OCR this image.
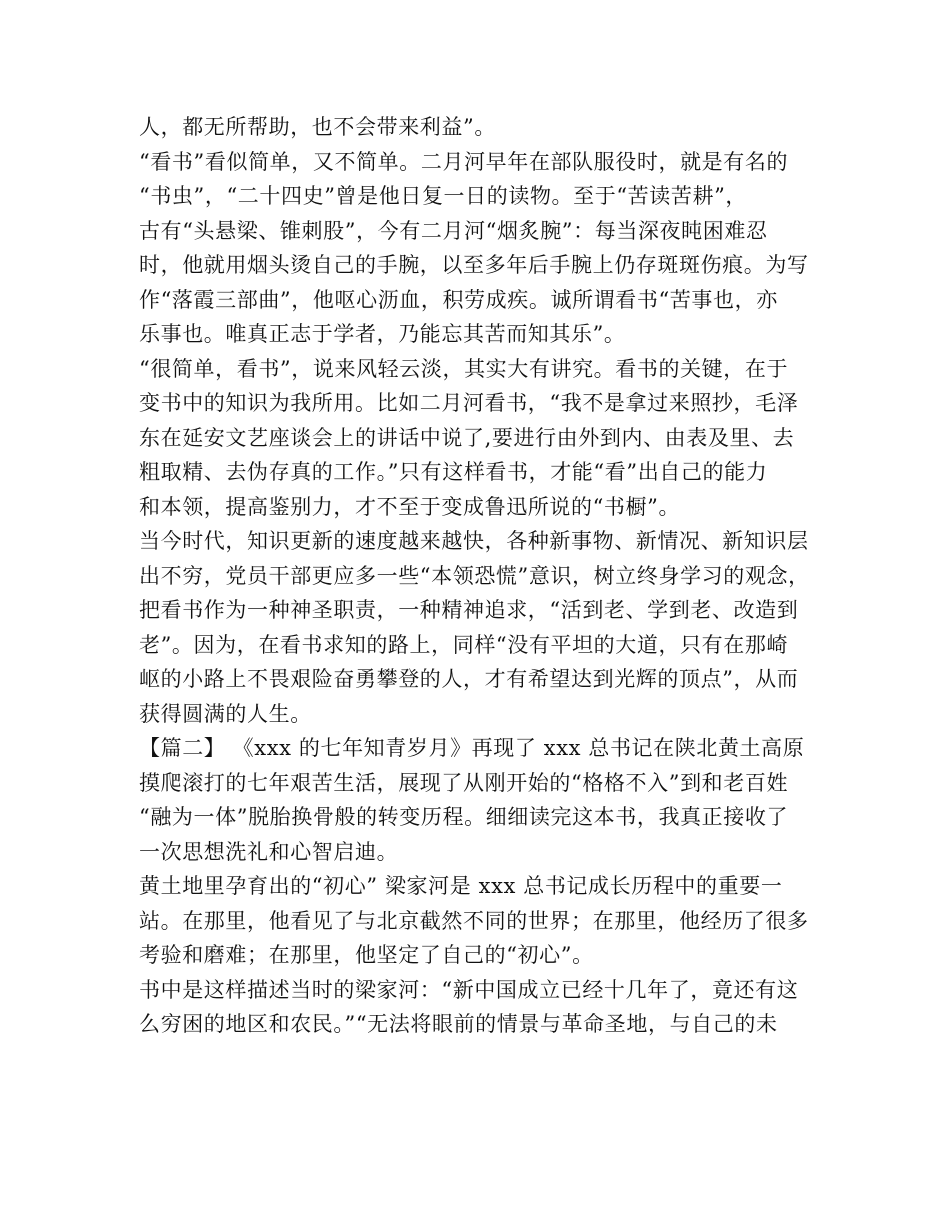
人，都无所帮助，也不会带来利益”。
“看书”看似简单，又不简单。二月河早年在部队服役时，就是有名的
“书虫”，“二十四史”曾是他日复一日的读物。至于“苦读苦耕”，
古有“头悬梁、锥刺股”，今有二月河“烟炙腕”：每当深夜盹困难忍
时，他就用烟头烫自己的手腕，以至多年后手腕上仍存斑斑伤痕。为写
作“落霞三部曲”，他呕心沥血，积劳成疾。诚所谓看书“苦事也，亦
乐事也。唯真正志于学者，乃能忘其苦而知其乐”。
“很简单，看书”，说来风轻云淡，其实大有讲究。看书的关键，在于
变书中的知识为我所用。比如二月河看书，“我不是拿过来照抄，毛泽
东在延安文艺座谈会上的讲话中说了,要进行由外到内、由表及里、去
粗取精、去伪存真的工作。”只有这样看书，才能“看”出自己的能力
和本领，提高鉴别力，才不至于变成鲁迅所说的“书橱”。
当今时代，知识更新的速度越来越快，各种新事物、新情况、新知识层
出不穷，党员干部更应多一些“本领恐慌”意识，树立终身学习的观念，
把看书作为一种神圣职责，一种精神追求，“活到老、学到老、改造到
老”。因为，在看书求知的路上，同样“没有平坦的大道，只有在那崎
岖的小路上不畏艰险奋勇攀登的人，才有希望达到光辉的顶点”，从而
获得圆满的人生。
【篇二】 《xxx 的七年知青岁月》再现了 xxx 总书记在陕北黄土高原
摸爬滚打的七年艰苦生活，展现了从刚开始的“格格不入”到和老百姓
“融为一体”脱胎换骨般的转变历程。细细读完这本书，我真正接收了
一次思想洗礼和心智启迪。
黄土地里孕育出的“初心” 梁家河是 xxx 总书记成长历程中的重要一
站。在那里，他看见了与北京截然不同的世界；在那里，他经历了很多
考验和磨难；在那里，他坚定了自己的“初心”。
书中是这样描述当时的梁家河：“新中国成立已经十几年了，竟还有这
么穷困的地区和农民。”“无法将眼前的情景与革命圣地，与自己的未
